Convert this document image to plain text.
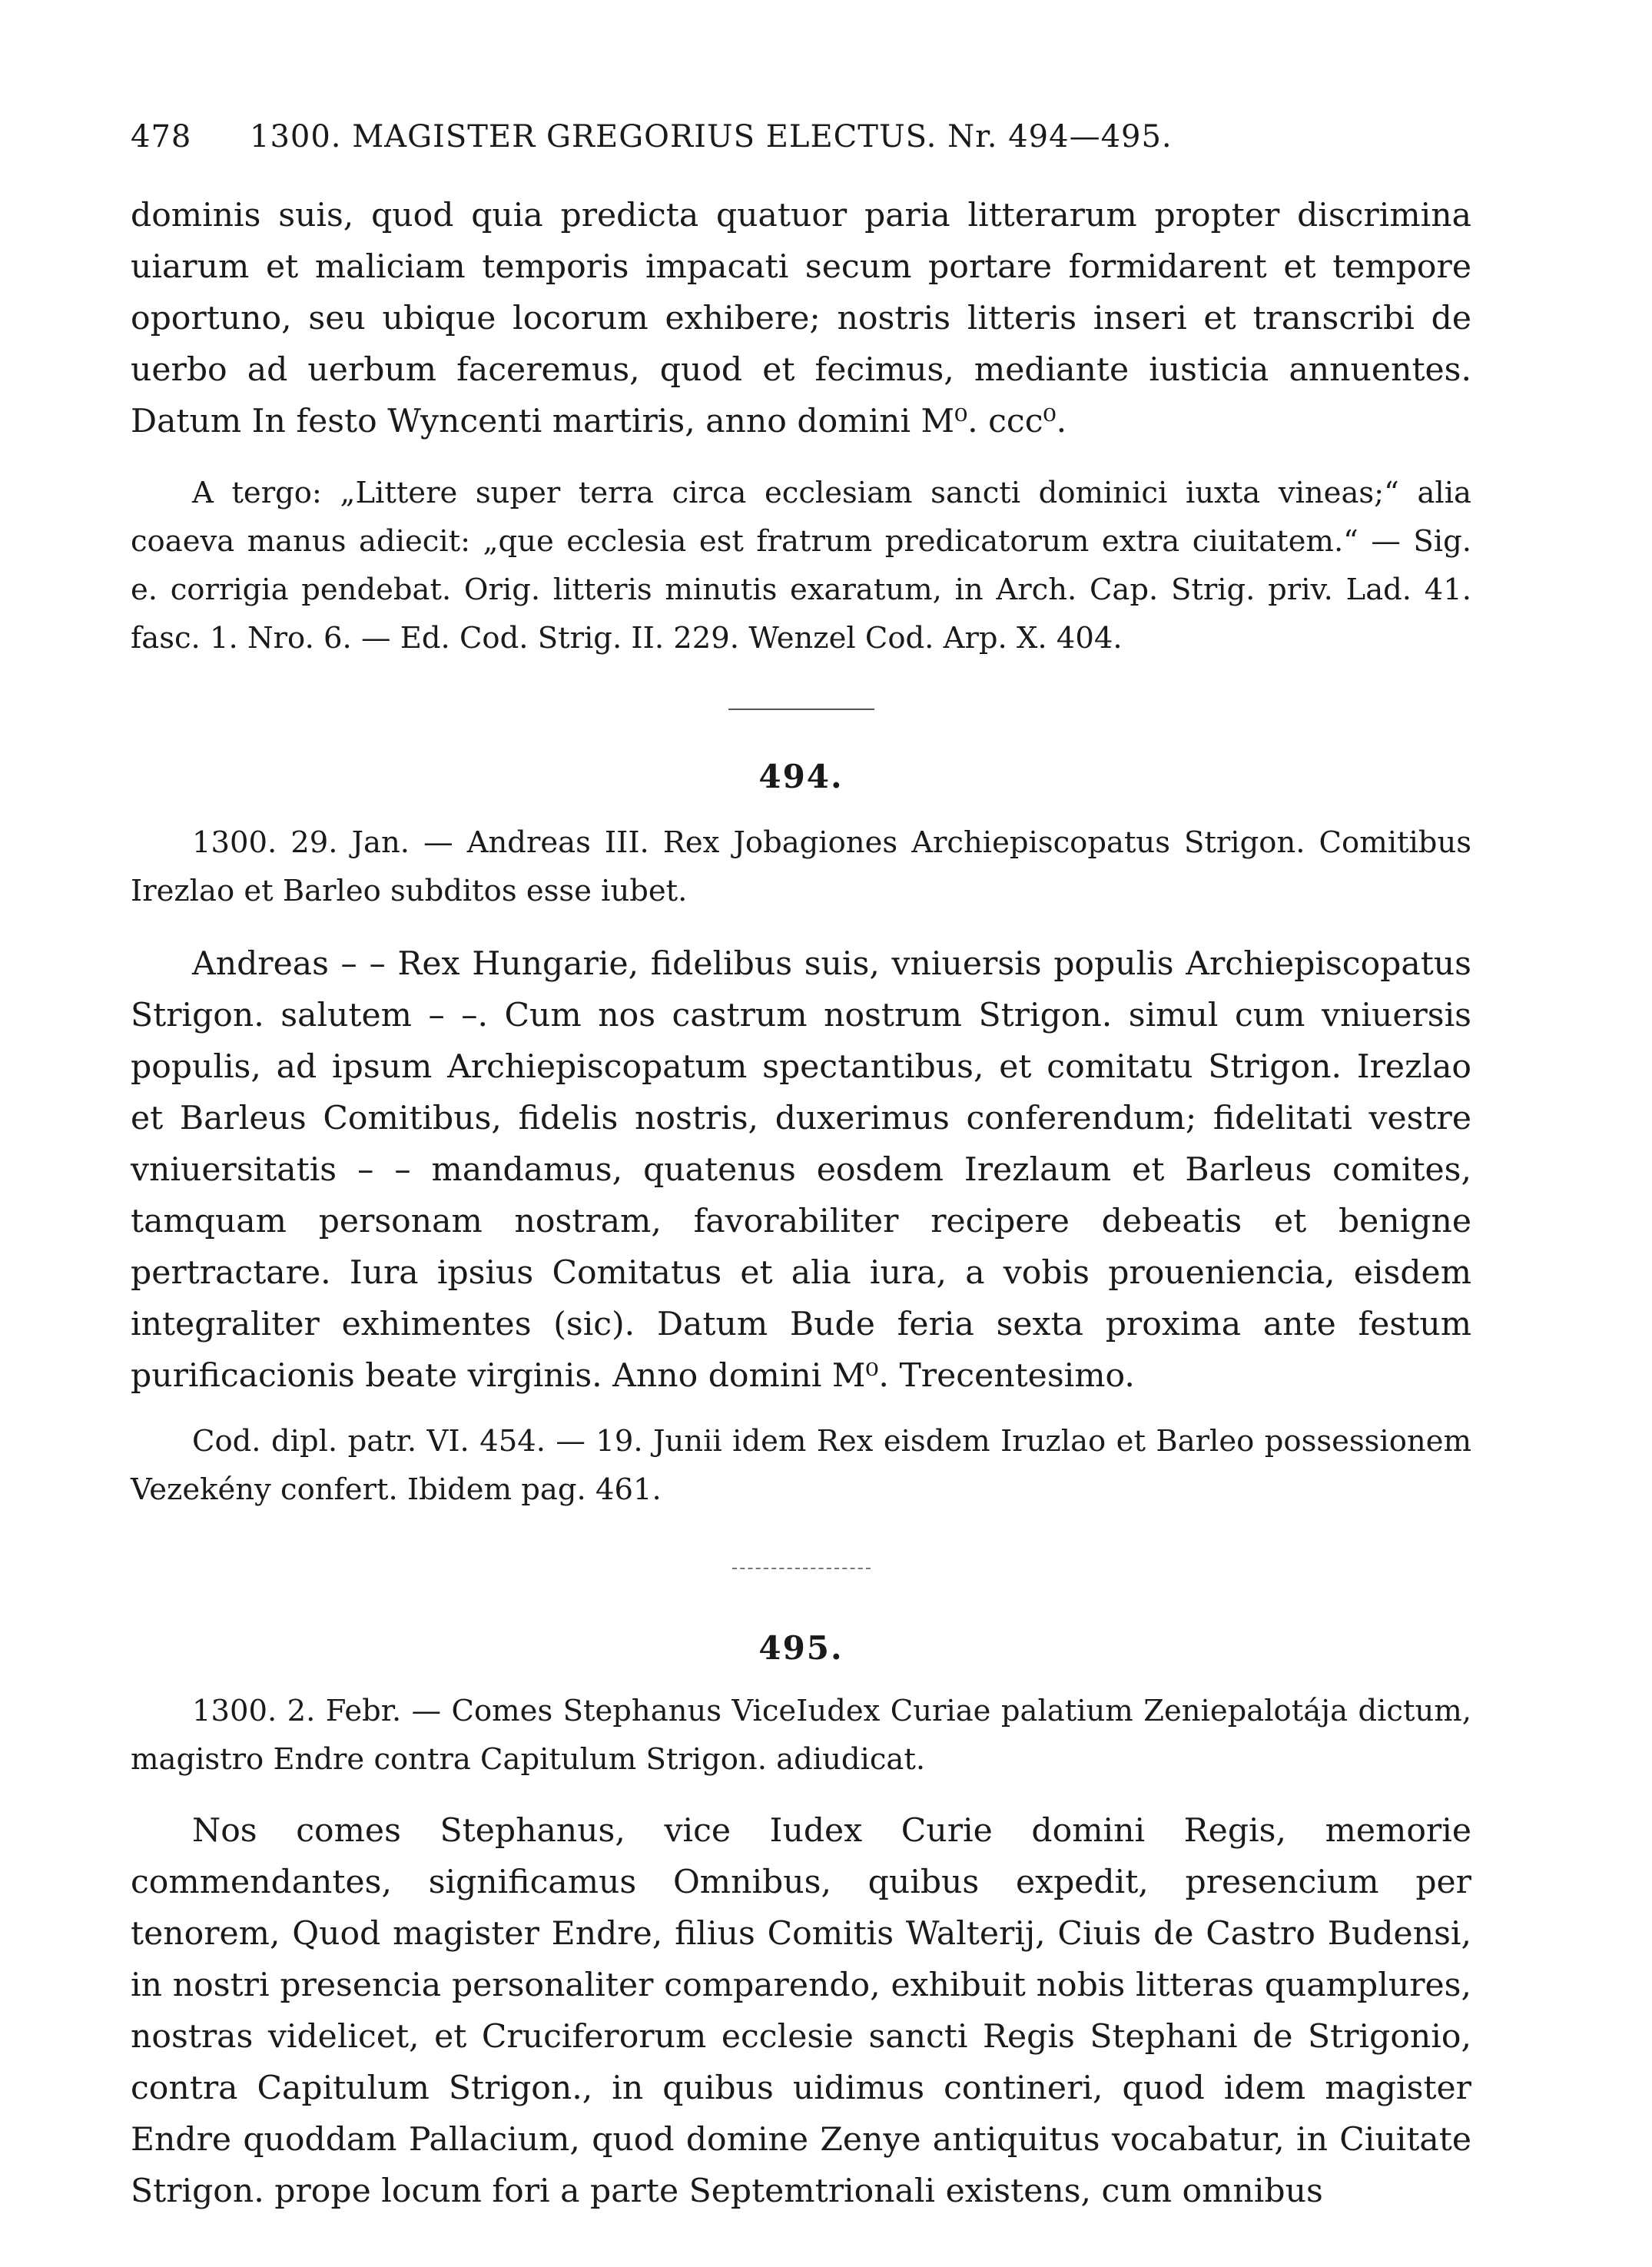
478	1300. MAGISTER GREGORIUS ELECTUS. Nr. 494—495.

dominis suis, quod quia predicta quatuor paria litterarum propter discrimina uiarum et maliciam temporis impacati secum portare formidarent et tempore oportuno, seu ubique locorum exhibere; nostris litteris inseri et transcribi de uerbo ad uerbum faceremus, quod et fecimus, mediante iusticia annuentes. Datum In festo Wyncenti martiris, anno domini M⁰. ccc⁰.

A tergo: „Littere super terra circa ecclesiam sancti dominici iuxta vineas;“ alia coaeva manus adiecit: „que ecclesia est fratrum predicatorum extra ciuitatem.“ — Sig. e. corrigia pendebat. Orig. litteris minutis exaratum, in Arch. Cap. Strig. priv. Lad. 41. fasc. 1. Nro. 6. — Ed. Cod. Strig. II. 229. Wenzel Cod. Arp. X. 404.

494.

1300. 29. Jan. — Andreas III. Rex Jobagiones Archiepiscopatus Strigon. Comitibus Irezlao et Barleo subditos esse iubet.

Andreas – – Rex Hungarie, fidelibus suis, vniuersis populis Archiepiscopatus Strigon. salutem – –. Cum nos castrum nostrum Strigon. simul cum vniuersis populis, ad ipsum Archiepiscopatum spectantibus, et comitatu Strigon. Irezlao et Barleus Comitibus, fidelis nostris, duxerimus conferendum; fidelitati vestre vniuersitatis – – mandamus, quatenus eosdem Irezlaum et Barleus comites, tamquam personam nostram, favorabiliter recipere debeatis et benigne pertractare. Iura ipsius Comitatus et alia iura, a vobis proueniencia, eisdem integraliter exhimentes (sic). Datum Bude feria sexta proxima ante festum purificacionis beate virginis. Anno domini M⁰. Trecentesimo.

Cod. dipl. patr. VI. 454. — 19. Junii idem Rex eisdem Iruzlao et Barleo possessionem Vezekény confert. Ibidem pag. 461.

495.

1300. 2. Febr. — Comes Stephanus ViceIudex Curiae palatium Zeniepalotája dictum, magistro Endre contra Capitulum Strigon. adiudicat.

Nos comes Stephanus, vice Iudex Curie domini Regis, memorie commendantes, significamus Omnibus, quibus expedit, presencium per tenorem, Quod magister Endre, filius Comitis Walterij, Ciuis de Castro Budensi, in nostri presencia personaliter comparendo, exhibuit nobis litteras quamplures, nostras videlicet, et Cruciferorum ecclesie sancti Regis Stephani de Strigonio, contra Capitulum Strigon., in quibus uidimus contineri, quod idem magister Endre quoddam Pallacium, quod domine Zenye antiquitus vocabatur, in Ciuitate Strigon. prope locum fori a parte Septemtrionali existens, cum omnibus
